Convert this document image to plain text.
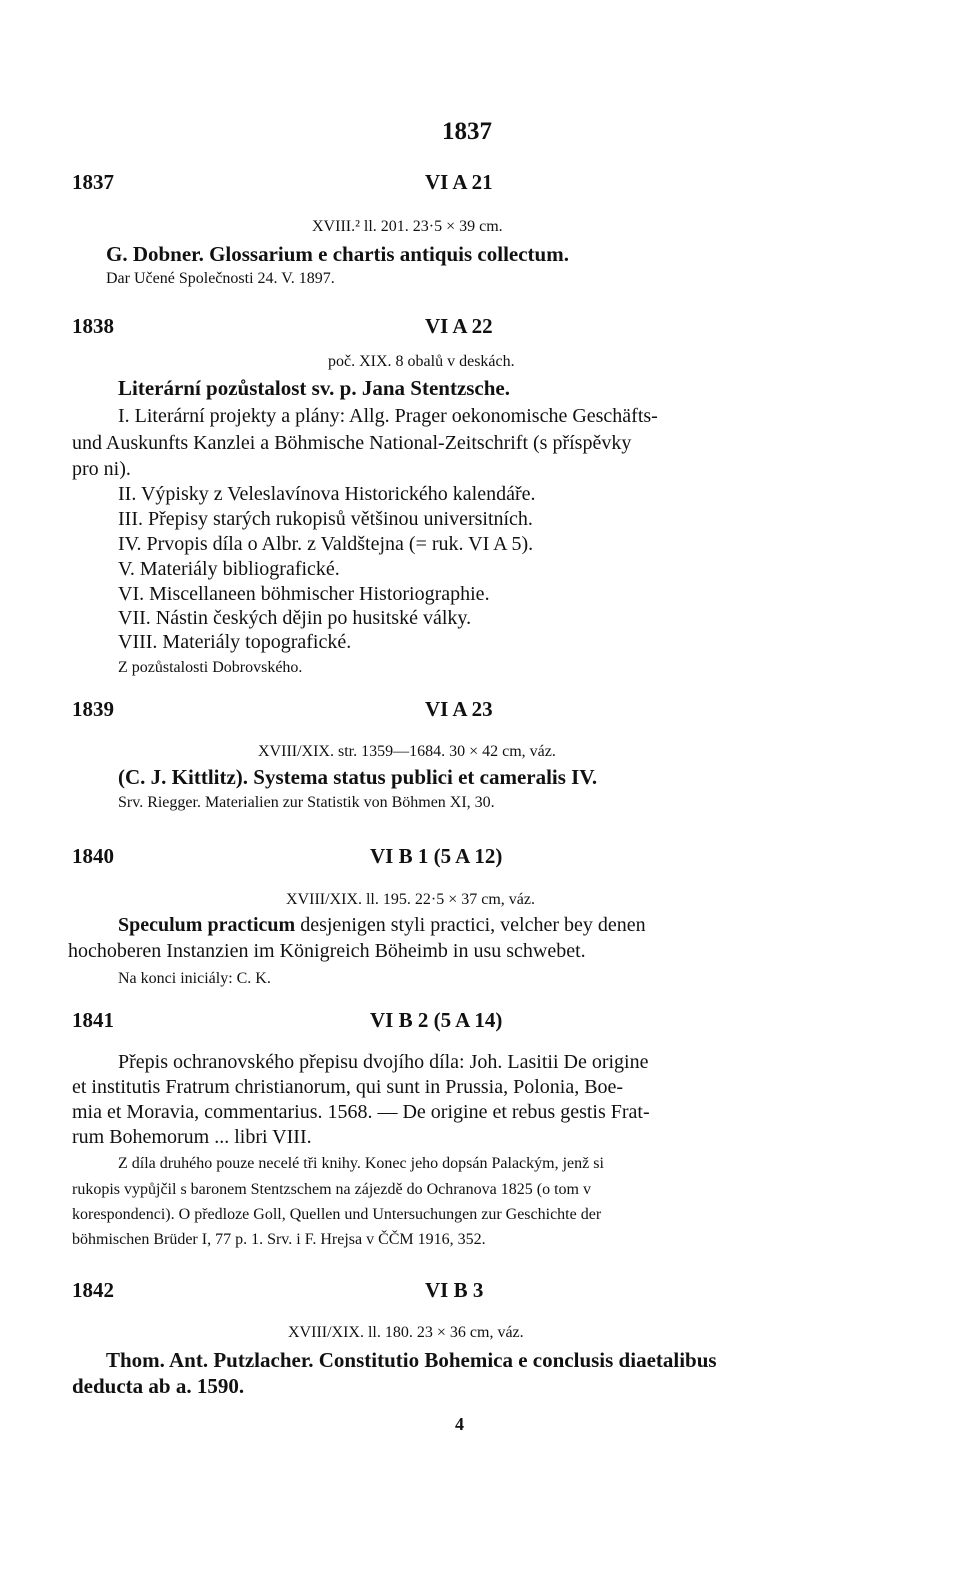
1837
1837	VI A 21
XVIII.² ll. 201. 23·5 × 39 cm.
G. Dobner. Glossarium e chartis antiquis collectum.
Dar Učené Společnosti 24. V. 1897.
1838	VI A 22
poč. XIX. 8 obalů v deskách.
Literární pozůstalost sv. p. Jana Stentzsche.
I. Literární projekty a plány: Allg. Prager oekonomische Geschäfts-
und Auskunfts Kanzlei a Böhmische National-Zeitschrift (s příspěvky
pro ni).
II. Výpisky z Veleslavínova Historického kalendáře.
III. Přepisy starých rukopisů většinou universitních.
IV. Prvopis díla o Albr. z Valdštejna (= ruk. VI A 5).
V. Materiály bibliografické.
VI. Miscellaneen böhmischer Historiographie.
VII. Nástin českých dějin po husitské války.
VIII. Materiály topografické.
Z pozůstalosti Dobrovského.
1839	VI A 23
XVIII/XIX. str. 1359—1684. 30 × 42 cm, váz.
(C. J. Kittlitz). Systema status publici et cameralis IV.
Srv. Riegger. Materialien zur Statistik von Böhmen XI, 30.
1840	VI B 1 (5 A 12)
XVIII/XIX. ll. 195. 22·5 × 37 cm, váz.
Speculum practicum desjenigen styli practici, velcher bey denen
hochoberen Instanzien im Königreich Böheimb in usu schwebet.
Na konci iniciály: C. K.
1841	VI B 2 (5 A 14)
Přepis ochranovského přepisu dvojího díla: Joh. Lasitii De origine
et institutis Fratrum christianorum, qui sunt in Prussia, Polonia, Boe-
mia et Moravia, commentarius. 1568. — De origine et rebus gestis Frat-
rum Bohemorum ... libri VIII.
Z díla druhého pouze necelé tři knihy. Konec jeho dopsán Palackým, jenž si
rukopis vypůjčil s baronem Stentzschem na zájezdě do Ochranova 1825 (o tom v
korespondenci). O předloze Goll, Quellen und Untersuchungen zur Geschichte der
böhmischen Brüder I, 77 p. 1. Srv. i F. Hrejsa v ČČM 1916, 352.
1842	VI B 3
XVIII/XIX. ll. 180. 23 × 36 cm, váz.
Thom. Ant. Putzlacher. Constitutio Bohemica e conclusis diaetalibus
deducta ab a. 1590.
4
